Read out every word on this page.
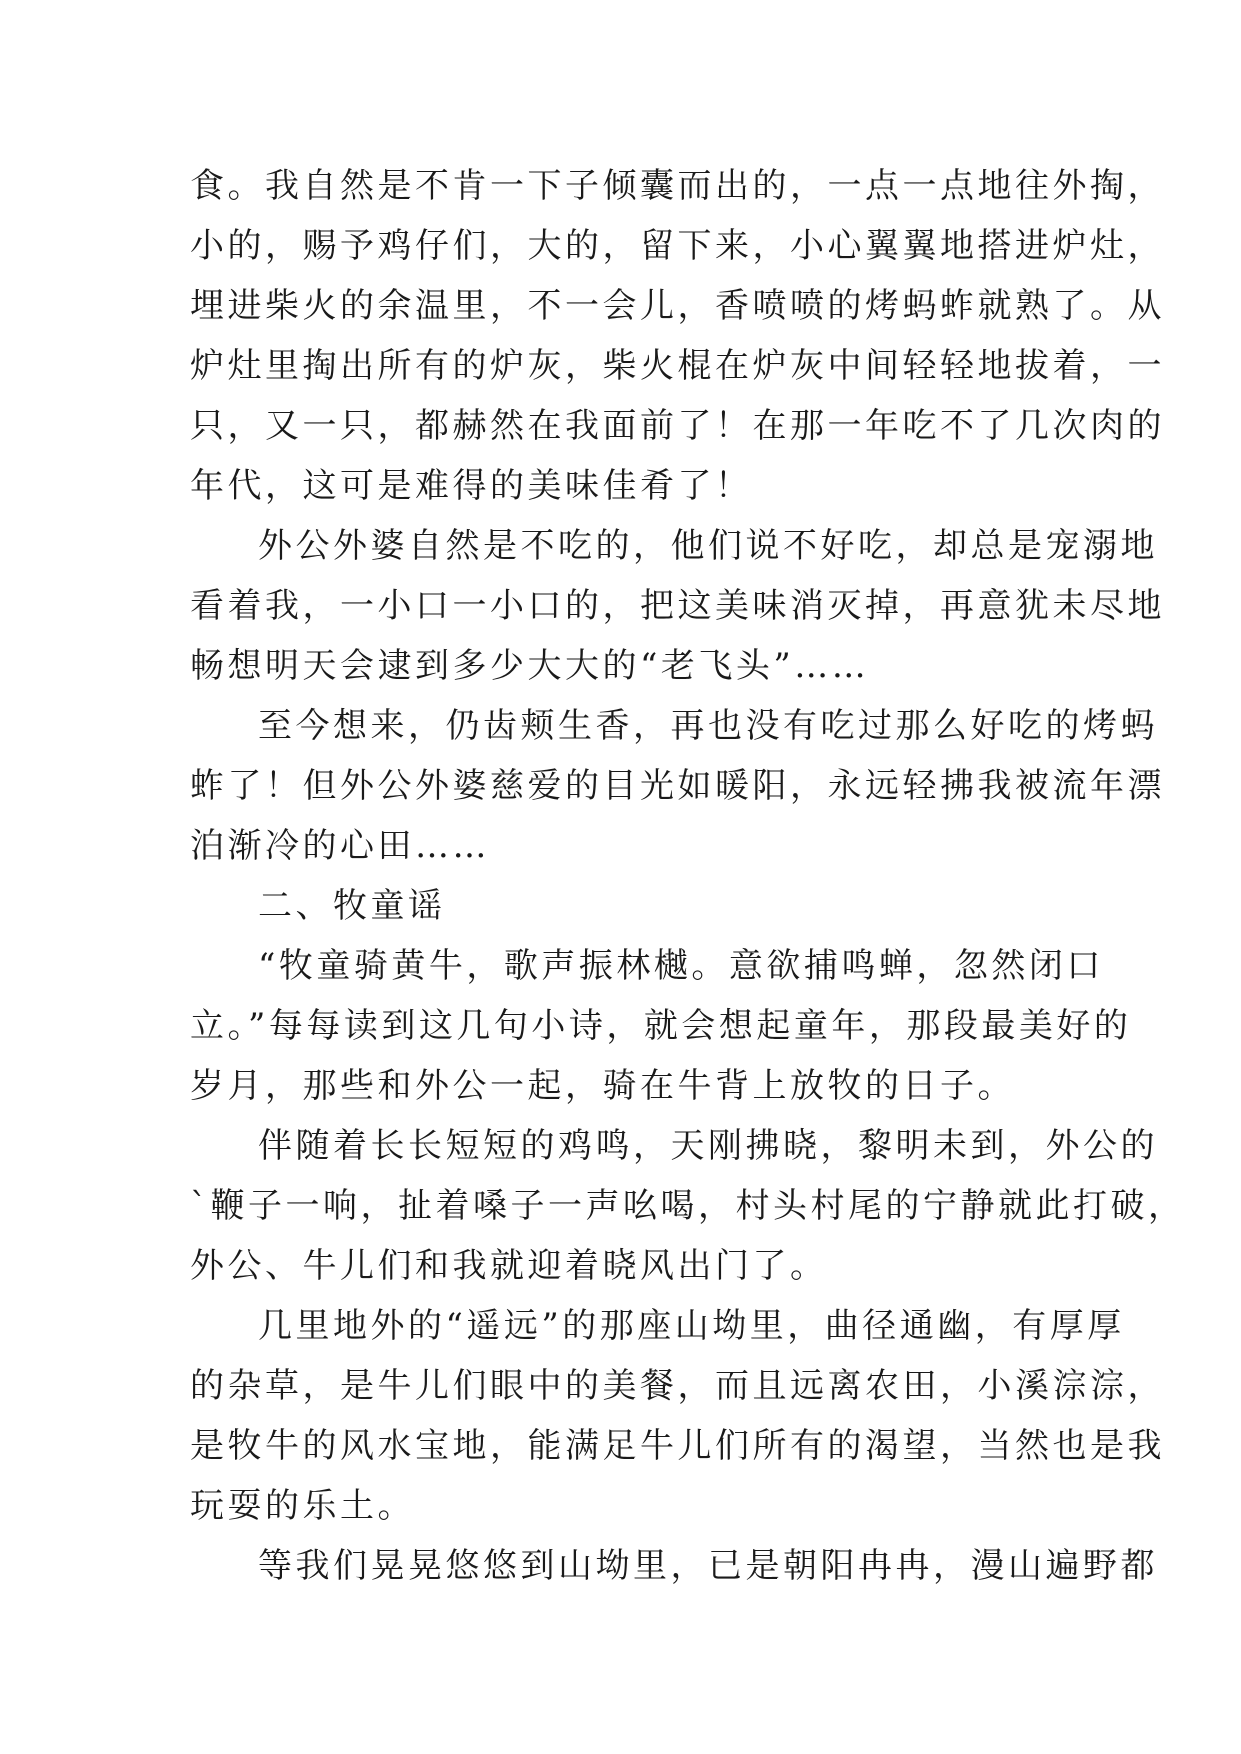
食。我自然是不肯一下子倾囊而出的，一点一点地往外掏，
小的，赐予鸡仔们，大的，留下来，小心翼翼地搭进炉灶，
埋进柴火的余温里，不一会儿，香喷喷的烤蚂蚱就熟了。从
炉灶里掏出所有的炉灰，柴火棍在炉灰中间轻轻地拔着，一
只，又一只，都赫然在我面前了！在那一年吃不了几次肉的
年代，这可是难得的美味佳肴了！
外公外婆自然是不吃的，他们说不好吃，却总是宠溺地
看着我，一小口一小口的，把这美味消灭掉，再意犹未尽地
畅想明天会逮到多少大大的“老飞头”……
至今想来，仍齿颊生香，再也没有吃过那么好吃的烤蚂
蚱了！但外公外婆慈爱的目光如暖阳，永远轻拂我被流年漂
泊渐冷的心田……
二、牧童谣
“牧童骑黄牛，歌声振林樾。意欲捕鸣蝉，忽然闭口
立。”每每读到这几句小诗，就会想起童年，那段最美好的
岁月，那些和外公一起，骑在牛背上放牧的日子。
伴随着长长短短的鸡鸣，天刚拂晓，黎明未到，外公的
`鞭子一响，扯着嗓子一声吆喝，村头村尾的宁静就此打破，
外公、牛儿们和我就迎着晓风出门了。
几里地外的“遥远”的那座山坳里，曲径通幽，有厚厚
的杂草，是牛儿们眼中的美餐，而且远离农田，小溪淙淙，
是牧牛的风水宝地，能满足牛儿们所有的渴望，当然也是我
玩耍的乐土。
等我们晃晃悠悠到山坳里，已是朝阳冉冉，漫山遍野都
